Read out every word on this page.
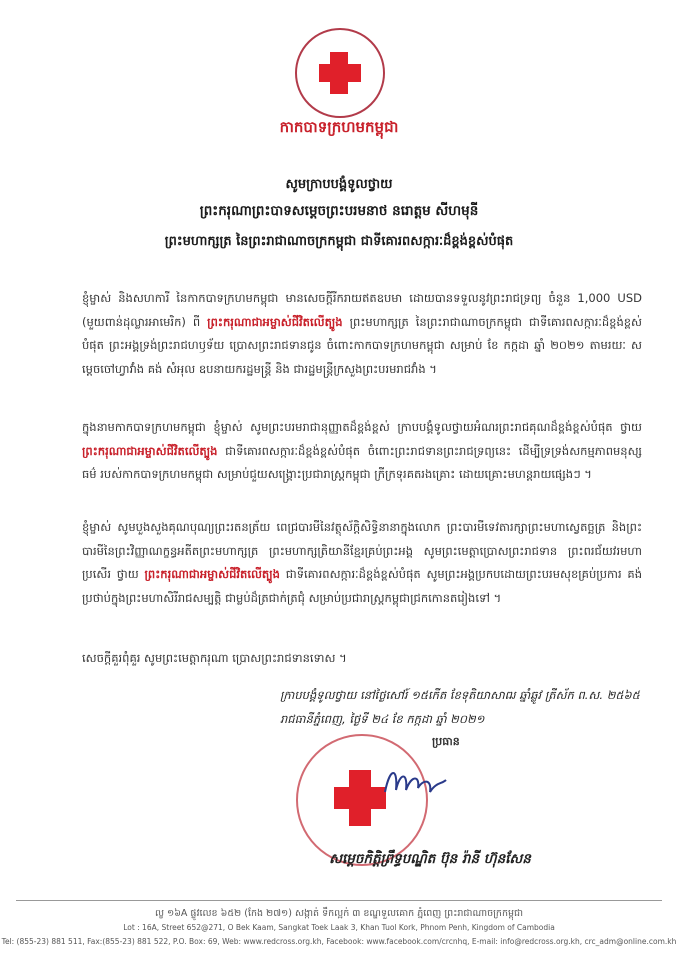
កាកបាទក្រហមកម្ពុជា
សូមក្រាបបង្គំទូលថ្វាយ
ព្រះករុណាព្រះបាទសម្តេចព្រះបរមនាថ នរោត្តម សីហមុនី
ព្រះមហាក្សត្រ នៃព្រះរាជាណាចក្រកម្ពុជា ជាទីគោរពសក្ការៈដ៏ខ្ពង់ខ្ពស់បំផុត
ខ្ញុំម្ចាស់ និងសហការី នៃកាកបាទក្រហមកម្ពុជា មានសេចក្តីរីករាយឥតឧបមា ដោយបានទទួលនូវព្រះរាជទ្រព្យ ចំនួន 1,000 USD (មួយពាន់ដុល្លារអាមេរិក) ពី ព្រះករុណាជាអម្ចាស់ជីវិតលើត្បូង ព្រះមហាក្សត្រ នៃព្រះរាជាណាចក្រកម្ពុជា ជាទីគោរពសក្ការៈដ៏ខ្ពង់ខ្ពស់បំផុត ព្រះអង្គទ្រង់ព្រះរាជហឫទ័យ ប្រោសព្រះរាជទានជូន ចំពោះកាកបាទក្រហមកម្ពុជា សម្រាប់ ខែ កក្កដា ឆ្នាំ ២០២១ តាមរយៈ សម្តេចចៅហ្វាវាំង គង់ សំអុល ឧបនាយករដ្ឋមន្ត្រី និង ជារដ្ឋមន្ត្រីក្រសួងព្រះបរមរាជវាំង ។
ក្នុងនាមកាកបាទក្រហមកម្ពុជា ខ្ញុំម្ចាស់ សូមព្រះបរមរាជានុញ្ញាតដ៏ខ្ពង់ខ្ពស់ ក្រាបបង្គំទូលថ្វាយអំណរព្រះរាជគុណដ៏ខ្ពង់ខ្ពស់បំផុត ថ្វាយ ព្រះករុណាជាអម្ចាស់ជីវិតលើត្បូង ជាទីគោរពសក្ការៈដ៏ខ្ពង់ខ្ពស់បំផុត ចំពោះព្រះរាជទានព្រះរាជទ្រព្យនេះ ដើម្បីទ្រទ្រង់សកម្មភាពមនុស្សធម៌ របស់កាកបាទក្រហមកម្ពុជា សម្រាប់ជួយសង្គ្រោះប្រជារាស្ត្រកម្ពុជា ក្រីក្រទុរគតរងគ្រោះ ដោយគ្រោះមហន្តរាយផ្សេងៗ ។
ខ្ញុំម្ចាស់ សូមបួងសួងគុណបុណ្យព្រះរតនត្រ័យ ពេជ្របារមីនៃវត្ថុស័ក្តិសិទ្ធិនានាក្នុងលោក ព្រះបារមីទេវតារក្សាព្រះមហាស្វេតច្ឆត្រ និងព្រះបារមីនៃព្រះវិញ្ញាណក្ខន្ធអតីតព្រះមហាក្សត្រ ព្រះមហាក្សត្រិយានីខ្មែរគ្រប់ព្រះអង្គ សូមព្រះមេត្តាប្រោសព្រះរាជទាន ព្រះពរជ័យវរមហាប្រសើរ ថ្វាយ ព្រះករុណាជាអម្ចាស់ជីវិតលើត្បូង ជាទីគោរពសក្ការៈដ៏ខ្ពង់ខ្ពស់បំផុត សូមព្រះអង្គប្រកបដោយព្រះបរមសុខគ្រប់ប្រការ គង់ប្រថាប់ក្នុងព្រះមហាសិរីរាជសម្បត្តិ ជាម្លប់ដ៏ត្រជាក់ត្រជុំ សម្រាប់ប្រជារាស្ត្រកម្ពុជាជ្រកកោនតរៀងទៅ ។
សេចក្តីគួរពុំគួរ សូមព្រះមេត្តាករុណា ប្រោសព្រះរាជទានទោស ។
ក្រាបបង្គំទូលថ្វាយ នៅថ្ងៃសៅរ៍ ១៥កើត ខែទុតិយាសាឍ ឆ្នាំឆ្លូវ ត្រីស័ក ព.ស. ២៥៦៥
រាជធានីភ្នំពេញ, ថ្ងៃទី ២៤ ខែ កក្កដា ឆ្នាំ ២០២១
ប្រធាន
សម្តេចកិត្តិព្រឹទ្ធបណ្ឌិត ប៊ុន រ៉ានី ហ៊ុនសែន
ល្ខ ១៦A ផ្លូវលេខ ៦៥២ (កែង ២៧១) សង្កាត់ ទឹកល្អក់ ៣ ខណ្ឌទួលគោក ភ្នំពេញ ព្រះរាជាណាចក្រកម្ពុជា
Lot : 16A, Street 652@271, O Bek Kaam, Sangkat Toek Laak 3, Khan Tuol Kork, Phnom Penh, Kingdom of Cambodia
Tel: (855-23) 881 511, Fax:(855-23) 881 522, P.O. Box: 69, Web: www.redcross.org.kh, Facebook: www.facebook.com/crcnhq, E-mail: info@redcross.org.kh, crc_adm@online.com.kh
